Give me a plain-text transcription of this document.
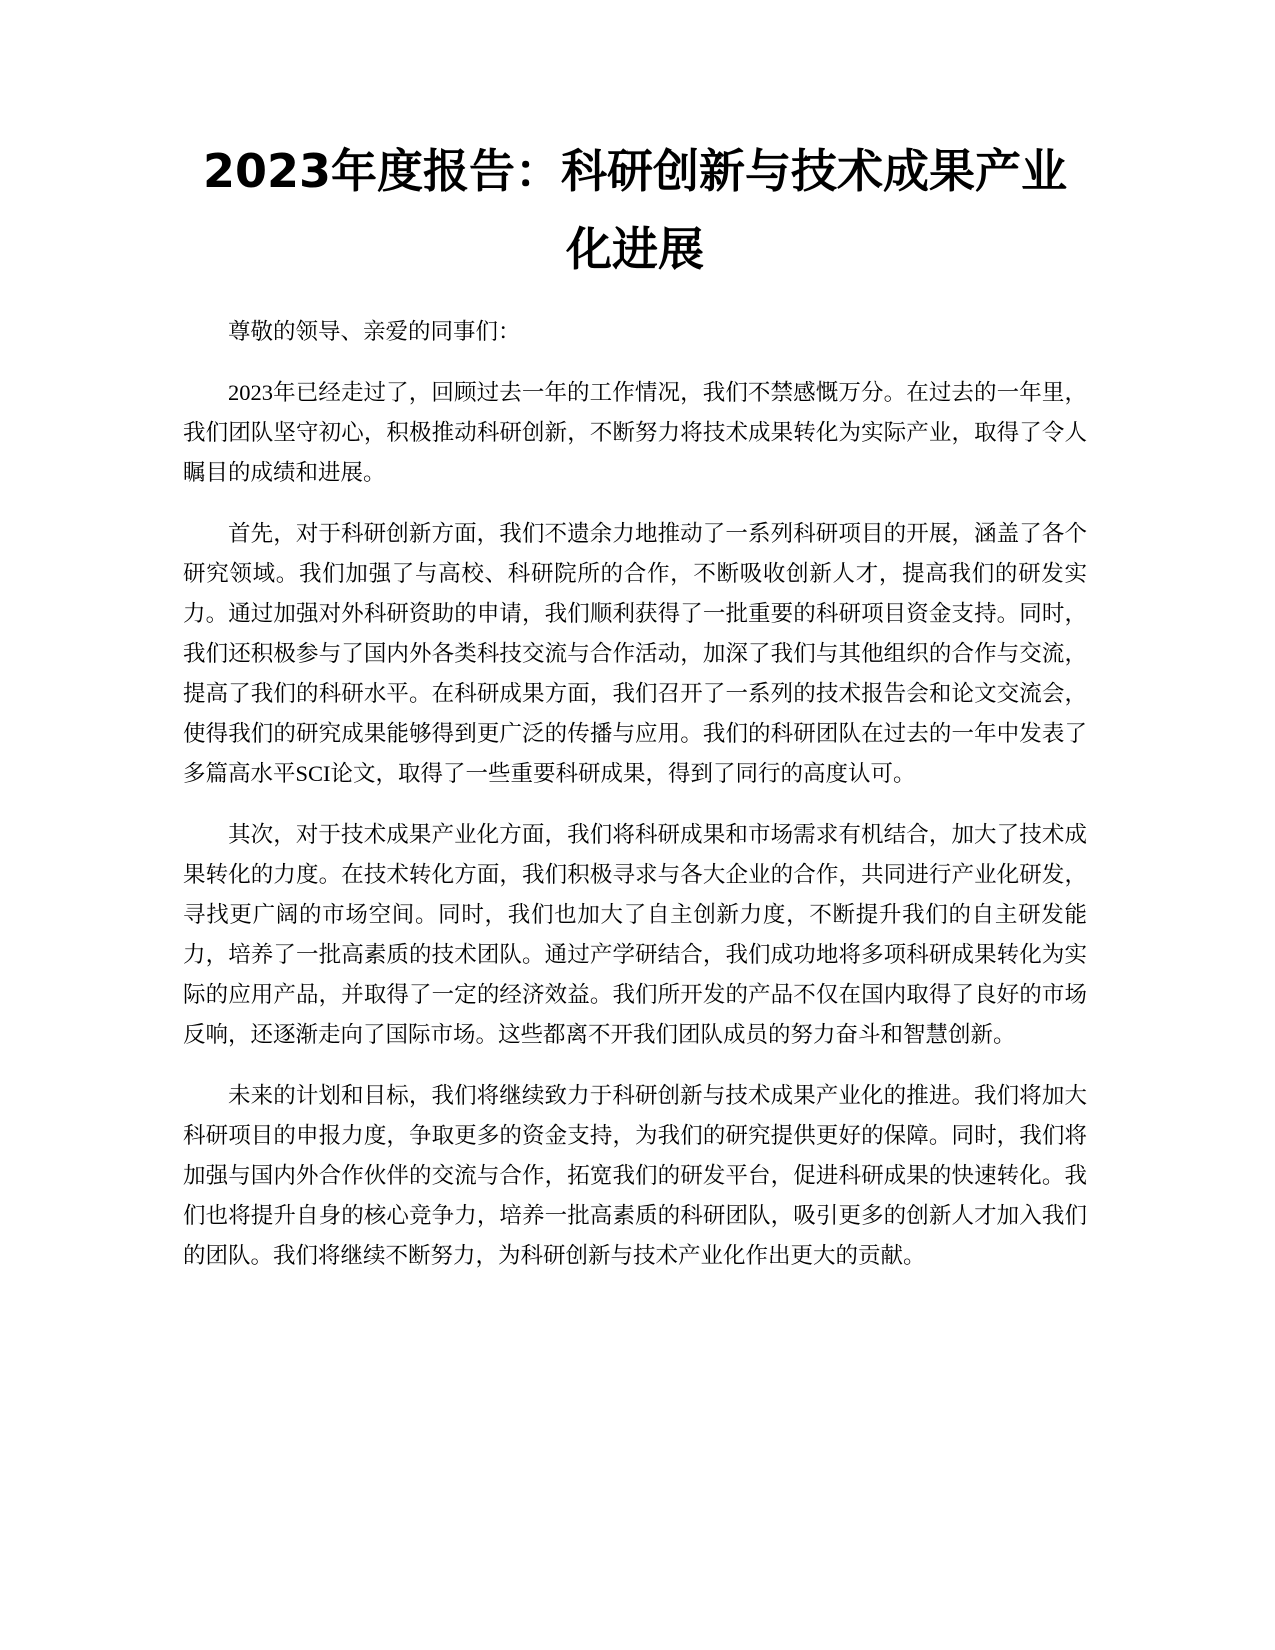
2023年度报告：科研创新与技术成果产业化进展

尊敬的领导、亲爱的同事们：

2023年已经走过了，回顾过去一年的工作情况，我们不禁感慨万分。在过去的一年里，我们团队坚守初心，积极推动科研创新，不断努力将技术成果转化为实际产业，取得了令人瞩目的成绩和进展。

首先，对于科研创新方面，我们不遗余力地推动了一系列科研项目的开展，涵盖了各个研究领域。我们加强了与高校、科研院所的合作，不断吸收创新人才，提高我们的研发实力。通过加强对外科研资助的申请，我们顺利获得了一批重要的科研项目资金支持。同时，我们还积极参与了国内外各类科技交流与合作活动，加深了我们与其他组织的合作与交流，提高了我们的科研水平。在科研成果方面，我们召开了一系列的技术报告会和论文交流会，使得我们的研究成果能够得到更广泛的传播与应用。我们的科研团队在过去的一年中发表了多篇高水平SCI论文，取得了一些重要科研成果，得到了同行的高度认可。

其次，对于技术成果产业化方面，我们将科研成果和市场需求有机结合，加大了技术成果转化的力度。在技术转化方面，我们积极寻求与各大企业的合作，共同进行产业化研发，寻找更广阔的市场空间。同时，我们也加大了自主创新力度，不断提升我们的自主研发能力，培养了一批高素质的技术团队。通过产学研结合，我们成功地将多项科研成果转化为实际的应用产品，并取得了一定的经济效益。我们所开发的产品不仅在国内取得了良好的市场反响，还逐渐走向了国际市场。这些都离不开我们团队成员的努力奋斗和智慧创新。

未来的计划和目标，我们将继续致力于科研创新与技术成果产业化的推进。我们将加大科研项目的申报力度，争取更多的资金支持，为我们的研究提供更好的保障。同时，我们将加强与国内外合作伙伴的交流与合作，拓宽我们的研发平台，促进科研成果的快速转化。我们也将提升自身的核心竞争力，培养一批高素质的科研团队，吸引更多的创新人才加入我们的团队。我们将继续不断努力，为科研创新与技术产业化作出更大的贡献。
